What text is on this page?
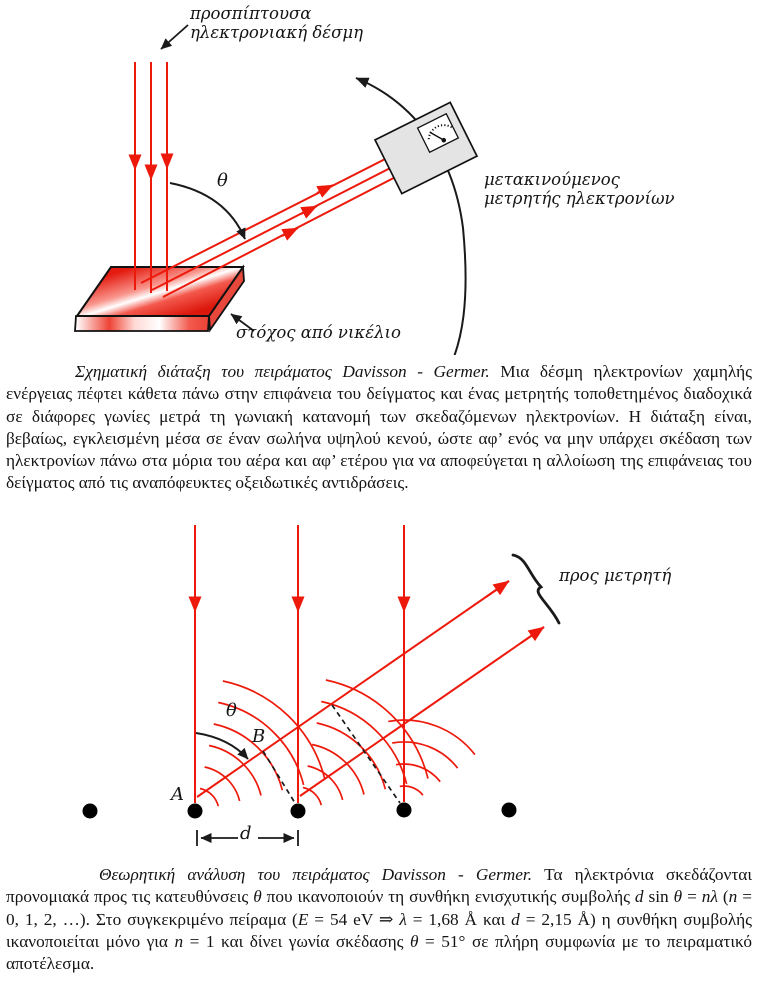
προσπίπτουσα
ηλεκτρονιακή δέσμη
θ	μετακινούμενος
μετρητής ηλεκτρονίων
στόχος από νικέλιο

Σχηματική διάταξη του πειράματος Davisson - Germer. Μια δέσμη ηλεκτρονίων χαμηλής ενέργειας πέφτει κάθετα πάνω στην επιφάνεια του δείγματος και ένας μετρητής τοποθετημένος διαδοχικά σε διάφορες γωνίες μετρά τη γωνιακή κατανομή των σκεδαζόμενων ηλεκτρονίων. Η διάταξη είναι, βεβαίως, εγκλεισμένη μέσα σε έναν σωλήνα υψηλού κενού, ώστε αφ’ ενός να μην υπάρχει σκέδαση των ηλεκτρονίων πάνω στα μόρια του αέρα και αφ’ ετέρου για να αποφεύγεται η αλλοίωση της επιφάνειας του δείγματος από τις αναπόφευκτες οξειδωτικές αντιδράσεις.

προς μετρητή
θ
B
A
d

Θεωρητική ανάλυση του πειράματος Davisson - Germer. Τα ηλεκτρόνια σκεδάζονται προνομιακά προς τις κατευθύνσεις θ που ικανοποιούν τη συνθήκη ενισχυτικής συμβολής d sin θ = nλ (n = 0, 1, 2, …). Στο συγκεκριμένο πείραμα (E = 54 eV ⇒ λ = 1,68 Å και d = 2,15 Å) η συνθήκη συμβολής ικανοποιείται μόνο για n = 1 και δίνει γωνία σκέδασης θ = 51° σε πλήρη συμφωνία με το πειραματικό αποτέλεσμα.
